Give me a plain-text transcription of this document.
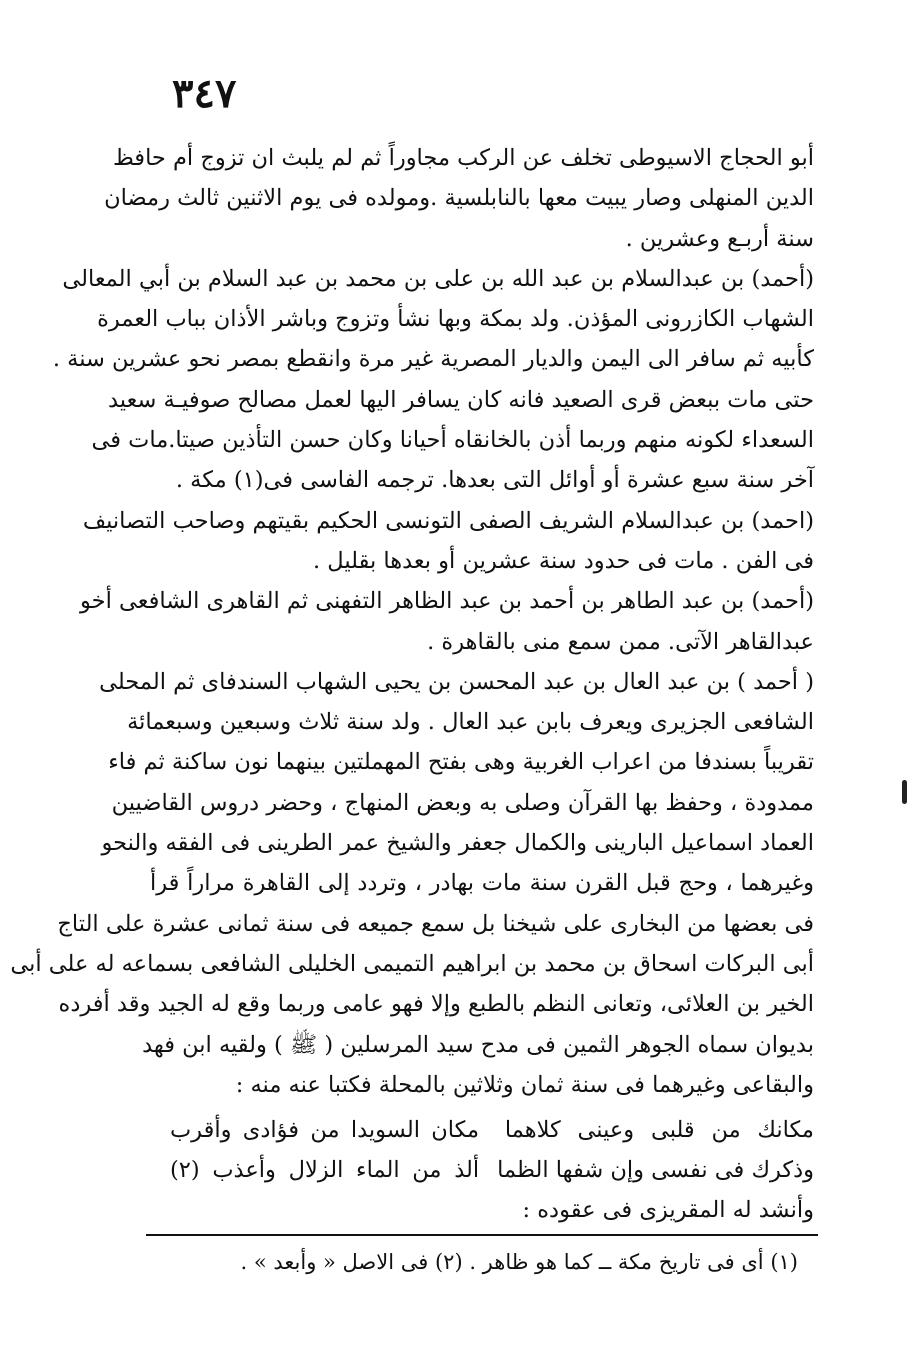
٣٤٧
أبو الحجاج الاسيوطى تخلف عن الركب مجاوراً ثم لم يلبث ان تزوج أم حافظ
الدين المنهلى وصار يبيت معها بالنابلسية .ومولده فى يوم الاثنين ثالث رمضان
سنة أربـع وعشرين .
(أحمد) بن عبدالسلام بن عبد الله بن على بن محمد بن عبد السلام بن أبي المعالى
الشهاب الكازرونى المؤذن. ولد بمكة وبها نشأ وتزوج وباشر الأذان بباب العمرة
كأبيه ثم سافر الى اليمن والديار المصرية غير مرة وانقطع بمصر نحو عشرين سنة .
حتى مات ببعض قرى الصعيد فانه كان يسافر اليها لعمل مصالح صوفيـة سعيد
السعداء لكونه منهم وربما أذن بالخانقاه أحيانا وكان حسن التأذين صيتا.مات فى
آخر سنة سبع عشرة أو أوائل التى بعدها. ترجمه الفاسى فى(١) مكة .
(احمد) بن عبدالسلام الشريف الصفى التونسى الحكيم بقيتهم وصاحب التصانيف
فى الفن . مات فى حدود سنة عشرين أو بعدها بقليل .
(أحمد) بن عبد الطاهر بن أحمد بن عبد الظاهر التفهنى ثم القاهرى الشافعى أخو
عبدالقاهر الآتى. ممن سمع منى بالقاهرة .
( أحمد ) بن عبد العال بن عبد المحسن بن يحيى الشهاب السندفاى ثم المحلى
الشافعى الجزيرى ويعرف بابن عبد العال . ولد سنة ثلاث وسبعين وسبعمائة
تقريباً بسندفا من اعراب الغربية وهى بفتح المهملتين بينهما نون ساكنة ثم فاء
ممدودة ، وحفظ بها القرآن وصلى به وبعض المنهاج ، وحضر دروس القاضيين
العماد اسماعيل البارينى والكمال جعفر والشيخ عمر الطرينى فى الفقه والنحو
وغيرهما ، وحج قبل القرن سنة مات بهادر ، وتردد إلى القاهرة مراراً قرأ
فى بعضها من البخارى على شيخنا بل سمع جميعه فى سنة ثمانى عشرة على التاج
أبى البركات اسحاق بن محمد بن ابراهيم التميمى الخليلى الشافعى بسماعه له على أبى
الخير بن العلائى، وتعانى النظم بالطبع وإلا فهو عامى وربما وقع له الجيد وقد أفرده
بديوان سماه الجوهر الثمين فى مدح سيد المرسلين ( ﷺ ) ولقيه ابن فهد
والبقاعى وغيرهما فى سنة ثمان وثلاثين بالمحلة فكتبا عنه منه :
مكانك من قلبى وعينى كلاهما
مكان السويدا من فؤادى وأقرب
وذكرك فى نفسى وإن شفها الظما
ألذ من الماء الزلال وأعذب (٢)
وأنشد له المقريزى فى عقوده :
(١) أى فى تاريخ مكة ــ كما هو ظاهر . (٢) فى الاصل « وأبعد » .
